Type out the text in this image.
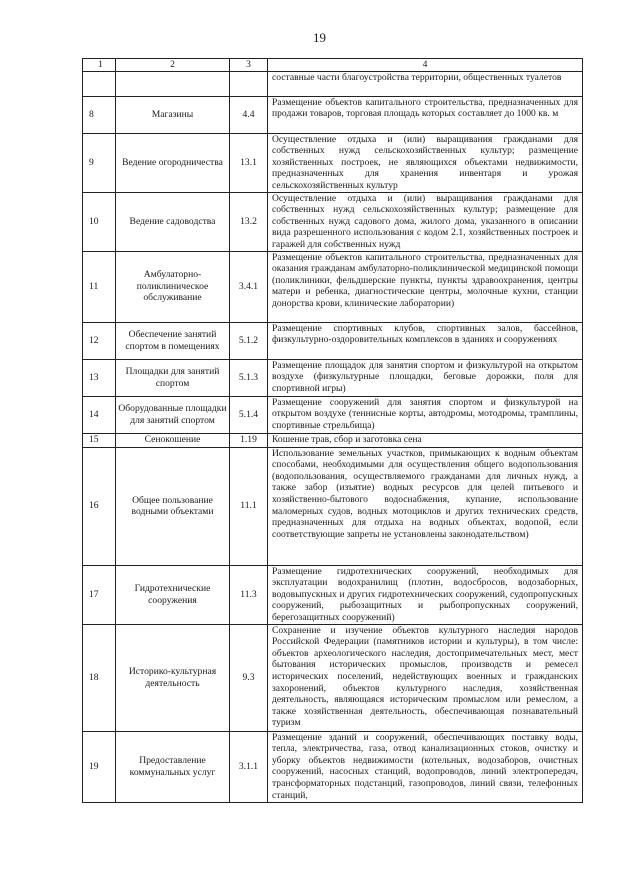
19
1	2	3	4
			составные части благоустройства территории, общественных туалетов
8	Магазины	4.4	Размещение объектов капитального строительства, предназначенных для продажи товаров, торговая площадь которых составляет до 1000 кв. м
9	Ведение огородничества	13.1	Осуществление отдыха и (или) выращивания гражданами для собственных нужд сельскохозяйственных культур; размещение хозяйственных построек, не являющихся объектами недвижимости, предназначенных для хранения инвентаря и урожая сельскохозяйственных культур
10	Ведение садоводства	13.2	Осуществление отдыха и (или) выращивания гражданами для собственных нужд сельскохозяйственных культур; размещение для собственных нужд садового дома, жилого дома, указанного в описании вида разрешенного использования с кодом 2.1, хозяйственных построек и гаражей для собственных нужд
11	Амбулаторно-поликлиническое обслуживание	3.4.1	Размещение объектов капитального строительства, предназначенных для оказания гражданам амбулаторно-поликлинической медицинской помощи (поликлиники, фельдшерские пункты, пункты здравоохранения, центры матери и ребенка, диагностические центры, молочные кухни, станции донорства крови, клинические лаборатории)
12	Обеспечение занятий спортом в помещениях	5.1.2	Размещение спортивных клубов, спортивных залов, бассейнов, физкультурно-оздоровительных комплексов в зданиях и сооружениях
13	Площадки для занятий спортом	5.1.3	Размещение площадок для занятия спортом и физкультурой на открытом воздухе (физкультурные площадки, беговые дорожки, поля для спортивной игры)
14	Оборудованные площадки для занятий спортом	5.1.4	Размещение сооружений для занятия спортом и физкультурой на открытом воздухе (теннисные корты, автодромы, мотодромы, трамплины, спортивные стрельбища)
15	Сенокошение	1.19	Кошение трав, сбор и заготовка сена
16	Общее пользование водными объектами	11.1	Использование земельных участков, примыкающих к водным объектам способами, необходимыми для осуществления общего водопользования (водопользования, осуществляемого гражданами для личных нужд, а также забор (изъятие) водных ресурсов для целей питьевого и хозяйственно-бытового водоснабжения, купание, использование маломерных судов, водных мотоциклов и других технических средств, предназначенных для отдыха на водных объектах, водопой, если соответствующие запреты не установлены законодательством)
17	Гидротехнические сооружения	11.3	Размещение гидротехнических сооружений, необходимых для эксплуатации водохранилищ (плотин, водосбросов, водозаборных, водовыпускных и других гидротехнических сооружений, судопропускных сооружений, рыбозащитных и рыбопропускных сооружений, берегозащитных сооружений)
18	Историко-культурная деятельность	9.3	Сохранение и изучение объектов культурного наследия народов Российской Федерации (памятников истории и культуры), в том числе: объектов археологического наследия, достопримечательных мест, мест бытования исторических промыслов, производств и ремесел исторических поселений, недействующих военных и гражданских захоронений, объектов культурного наследия, хозяйственная деятельность, являющаяся историческим промыслом или ремеслом, а также хозяйственная деятельность, обеспечивающая познавательный туризм
19	Предоставление коммунальных услуг	3.1.1	Размещение зданий и сооружений, обеспечивающих поставку воды, тепла, электричества, газа, отвод канализационных стоков, очистку и уборку объектов недвижимости (котельных, водозаборов, очистных сооружений, насосных станций, водопроводов, линий электропередач, трансформаторных подстанций, газопроводов, линий связи, телефонных станций,
